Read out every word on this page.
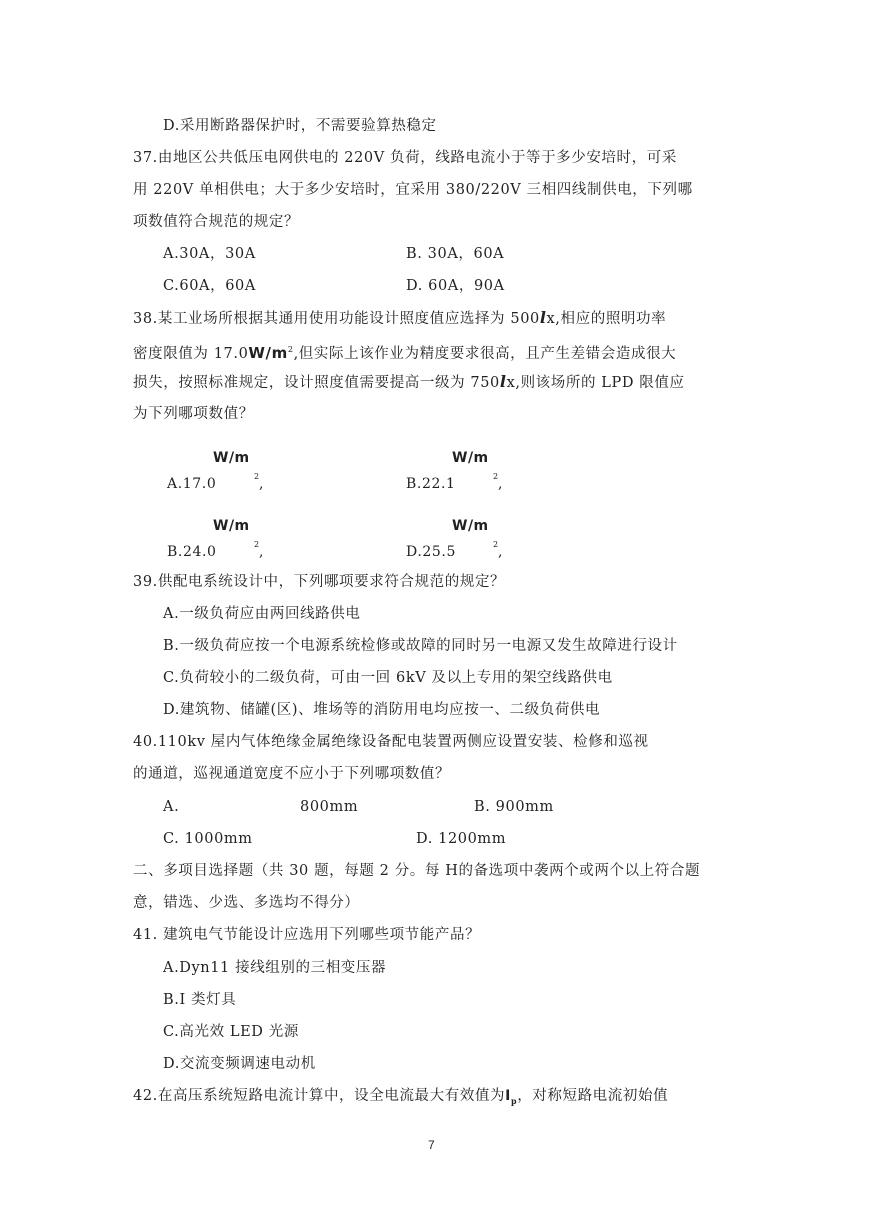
D.采用断路器保护时，不需要验算热稳定
37.由地区公共低压电网供电的 220V 负荷，线路电流小于等于多少安培时，可采
用 220V 单相供电；大于多少安培时，宜采用 380/220V 三相四线制供电，下列哪
项数值符合规范的规定？
A.30A，30A	B. 30A，60A
C.60A，60A	D. 60A，90A
38.某工业场所根据其通用使用功能设计照度值应选择为 500lx,相应的照明功率
密度限值为 $17.0W/m^2$,但实际上该作业为精度要求很高，且产生差错会造成很大
损失，按照标准规定，设计照度值需要提高一级为 750lx,则该场所的 LPD 限值应
为下列哪项数值？
W/m
A.17.0	2 ,
W/m
B.22.1	2 ,
W/m
B.24.0	2 ,
W/m
D.25.5	2 ,
39.供配电系统设计中，下列哪项要求符合规范的规定？
A.一级负荷应由两回线路供电
B.一级负荷应按一个电源系统检修或故障的同时另一电源又发生故障进行设计
C.负荷较小的二级负荷，可由一回 6kV 及以上专用的架空线路供电
D.建筑物、储罐(区)、堆场等的消防用电均应按一、二级负荷供电
40.110kv 屋内气体绝缘金属绝缘设备配电装置两侧应设置安装、检修和巡视
的通道，巡视通道宽度不应小于下列哪项数值？
A.	800mm	B. 900mm
C. 1000mm	D. 1200mm
二、多项目选择题（共 30 题，每题 2 分。每 H的备选项中袭两个或两个以上符合题
意，错选、少选、多选均不得分）
41. 建筑电气节能设计应选用下列哪些项节能产品？
A.Dyn11 接线组别的三相变压器
B.I 类灯具
C.高光效 LED 光源
D.交流变频调速电动机
42.在高压系统短路电流计算中，设全电流最大有效值为$I_p$，对称短路电流初始值
7
